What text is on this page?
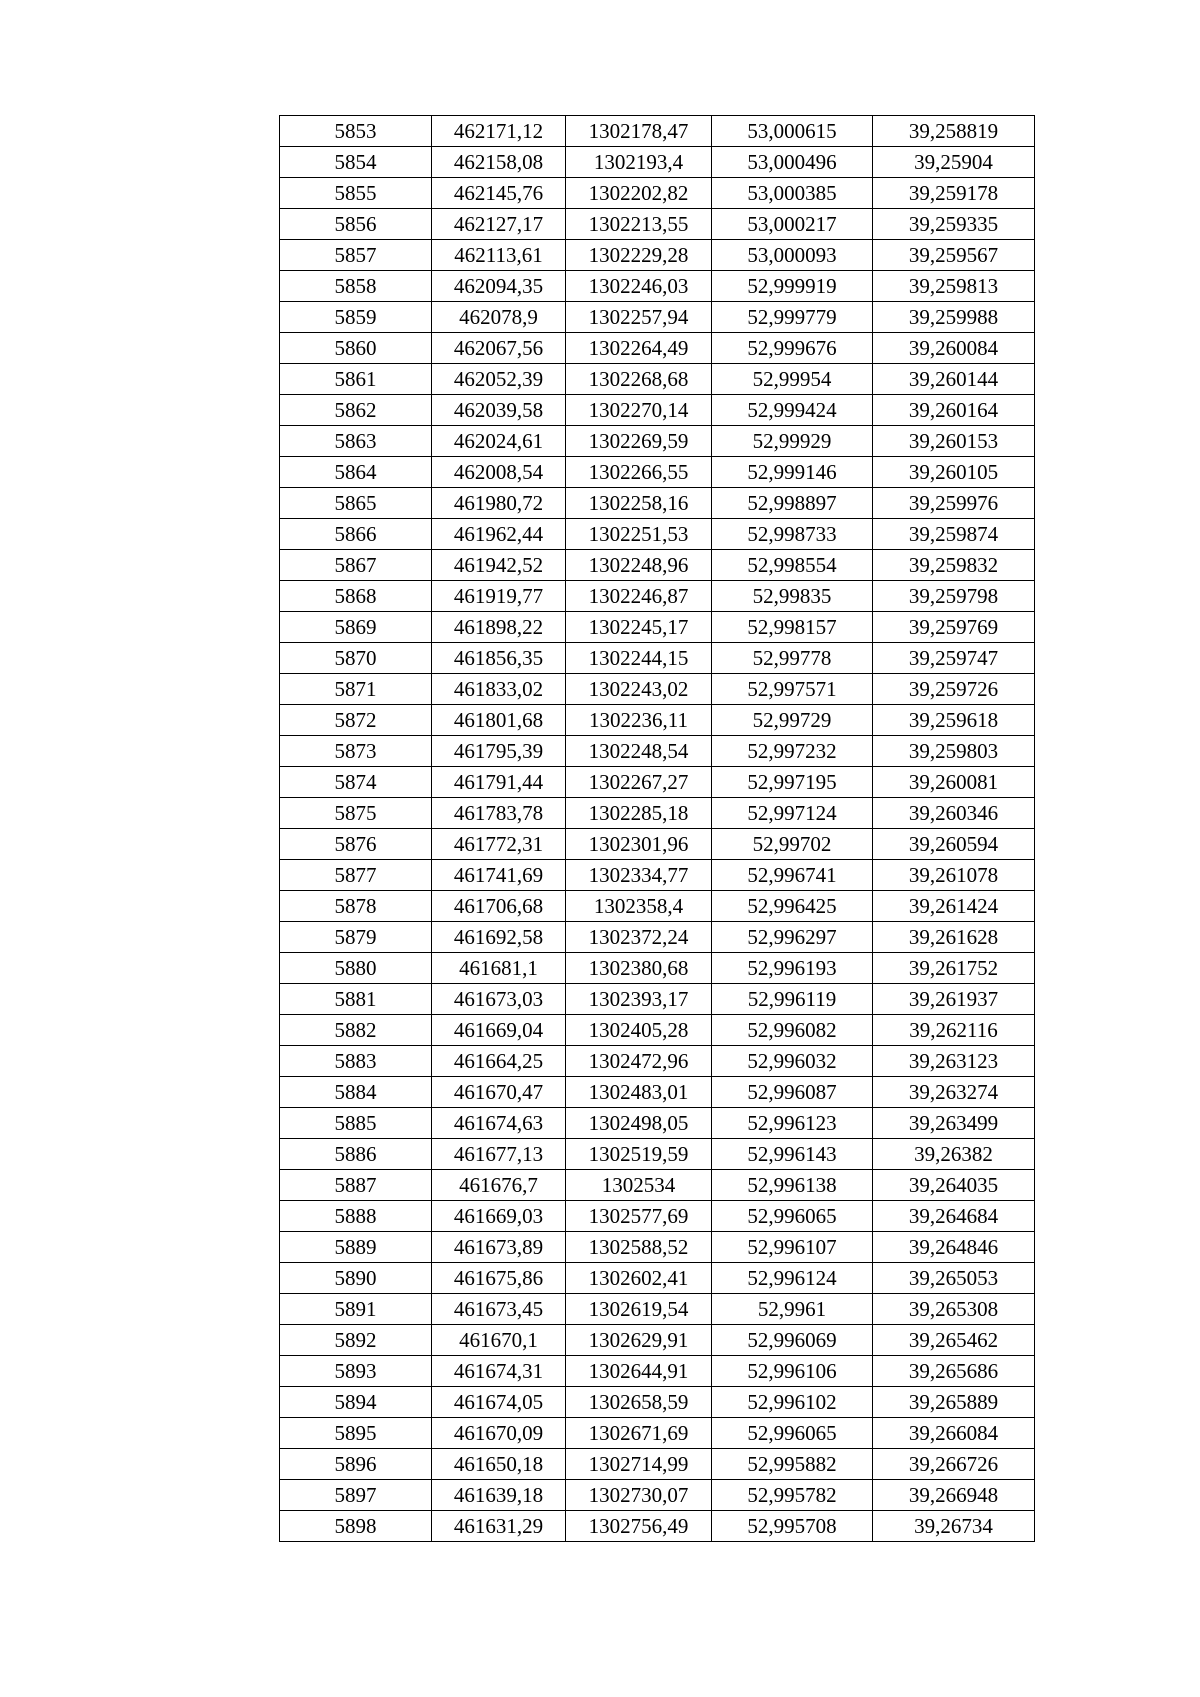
5853	462171,12	1302178,47	53,000615	39,258819
5854	462158,08	1302193,4	53,000496	39,25904
5855	462145,76	1302202,82	53,000385	39,259178
5856	462127,17	1302213,55	53,000217	39,259335
5857	462113,61	1302229,28	53,000093	39,259567
5858	462094,35	1302246,03	52,999919	39,259813
5859	462078,9	1302257,94	52,999779	39,259988
5860	462067,56	1302264,49	52,999676	39,260084
5861	462052,39	1302268,68	52,99954	39,260144
5862	462039,58	1302270,14	52,999424	39,260164
5863	462024,61	1302269,59	52,99929	39,260153
5864	462008,54	1302266,55	52,999146	39,260105
5865	461980,72	1302258,16	52,998897	39,259976
5866	461962,44	1302251,53	52,998733	39,259874
5867	461942,52	1302248,96	52,998554	39,259832
5868	461919,77	1302246,87	52,99835	39,259798
5869	461898,22	1302245,17	52,998157	39,259769
5870	461856,35	1302244,15	52,99778	39,259747
5871	461833,02	1302243,02	52,997571	39,259726
5872	461801,68	1302236,11	52,99729	39,259618
5873	461795,39	1302248,54	52,997232	39,259803
5874	461791,44	1302267,27	52,997195	39,260081
5875	461783,78	1302285,18	52,997124	39,260346
5876	461772,31	1302301,96	52,99702	39,260594
5877	461741,69	1302334,77	52,996741	39,261078
5878	461706,68	1302358,4	52,996425	39,261424
5879	461692,58	1302372,24	52,996297	39,261628
5880	461681,1	1302380,68	52,996193	39,261752
5881	461673,03	1302393,17	52,996119	39,261937
5882	461669,04	1302405,28	52,996082	39,262116
5883	461664,25	1302472,96	52,996032	39,263123
5884	461670,47	1302483,01	52,996087	39,263274
5885	461674,63	1302498,05	52,996123	39,263499
5886	461677,13	1302519,59	52,996143	39,26382
5887	461676,7	1302534	52,996138	39,264035
5888	461669,03	1302577,69	52,996065	39,264684
5889	461673,89	1302588,52	52,996107	39,264846
5890	461675,86	1302602,41	52,996124	39,265053
5891	461673,45	1302619,54	52,9961	39,265308
5892	461670,1	1302629,91	52,996069	39,265462
5893	461674,31	1302644,91	52,996106	39,265686
5894	461674,05	1302658,59	52,996102	39,265889
5895	461670,09	1302671,69	52,996065	39,266084
5896	461650,18	1302714,99	52,995882	39,266726
5897	461639,18	1302730,07	52,995782	39,266948
5898	461631,29	1302756,49	52,995708	39,26734
